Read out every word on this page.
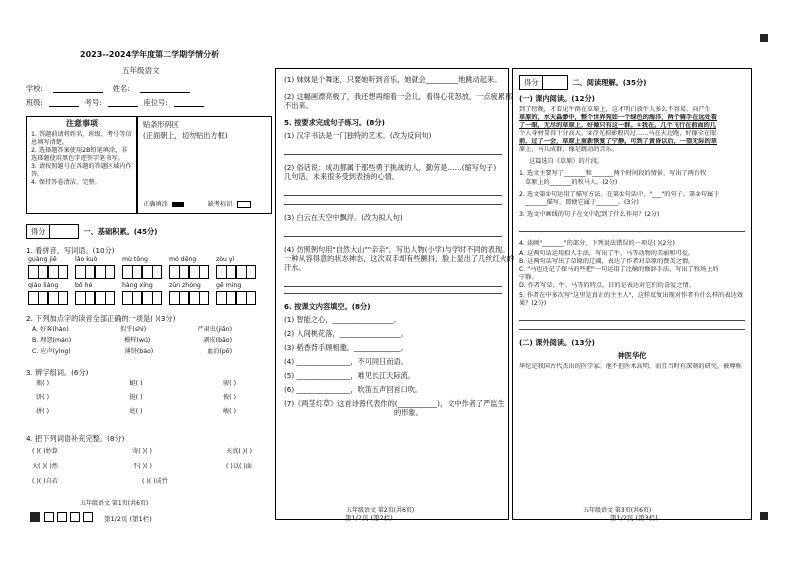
2023--2024学年度第二学期学情分析
五年级语文
学校:	姓名:
班级:	考号:	座位号:
注意事项
1. 答题前请将姓名、班级、考号等信息填写清楚。
2. 选择题答案使用2B铅笔填涂，非选择题使用黑色字迹签字笔书写。
3. 请按照题号在各题的答题区域内作答。
4. 保持答卷清洁、完整。
贴条形码区
(正面朝上，切勿贴出方框)
正确填涂	缺考标识
得分	一、基础积累。(45分)
1. 看拼音，写词语。(10分)
guàng jiē	lǎo kuò	mù tǒng	mó dēng	zòu yì
qiáo liáng	bō hé	hàng xíng	zūn zhòng	gē mìng
2. 下列加点字的读音全部正确的一项是( )(3分)
A. 好客(hào)	似乎(shì)	严肃虫(jiǎn)
B. 埋怨(mán)	模样(wú)	剥皮(bāo)
C. 应声(yìng)	薄饼(báo)	血泊(pō)
3. 辨字组词。(6分)
瓶( )	蜓( )	骏( )
饼( )	挺( )	俊( )
拼( )	庭( )	峻( )
4. 把下列词语补充完整。(8分)
( )( )妙算	寄( )( )	天真( )( )
大( )( )然	不( )( )	( )以( )面
( )( )自若	( )( )成竹
五年级语文 第1页(共6页)
第1/2页 (第1栏)
(1) 妹妹是个舞迷，只要她听到音乐，她就会_________地跳动起来。
(2) 这幅画漂亮极了，我还想再细看一会儿，看得心花怒放，一点疲累都
不出来。
5. 按要求完成句子练习。(8分)
(1) 汉字书法是一门独特的艺术。(改为反问句)
(2) 俗话说：成功都属于那些勇于挑战的人，勤劳是……(缩写句子)
几句话，未来很多受到表扬的心情。
(3) 白云在天空中飘浮。(改为拟人句)
(4) 仿照例句用"自然大山""亲亲"，写出人物(小学)与学时不同的表现。
一种从容得意的状态神态，这次双手却有些颤抖，脸上显出了几丝红火的
汗水。
6. 按课文内容填空。(8分)
(1) 智能之心，_________________。
(2) 人间桃花落，_________________。
(3) 稻香背手顾相邀，_____________。
(4) _______________，不可同日而语。
(5) _______________，难见长江天际流。
(6) _______________，吹笛五声回首口吹。
(7)《两茎灯草》这首诗曾代表作的(___________)，文中作者了严监生
的形象。
五年级语文 第2页(共6页)
第1/2页 (第2栏)
得分	二、阅读理解。(35分)
(一) 课内阅读。(12分)
到了傍晚，才看见牛群在草原上，这才明白放牛人多么不容易。向产生
草原的，水天淼渺中，整个世界宛如一个绿色的海洋，两个骑手在远处看
了一眼，无尽的草原上，好像只有这一群。①我在。几个飞行在前面的几
个人身材显得十分高大。②浮光掠影般闪过……马在天边跑，好像全在眼
前，过了一会，草原上重新恢复了宁静。可到了黄昏以后，一望无际的草
原上，马儿成群，像是跳动的音乐。
这篇选自《草原》的片段。
1. 选文主要写了_______和_______两个时间段的情景，写出了两台牧
草原上的_______的牧马人。(2分)
2. 选文第①句运用了描写方法。在第①句话中，"___"的句子，第②句属于
_______描写，即便它属于_______。(3分)
3. 选文中画线的句子在文中起到了什么作用？(2分)
4. 读画"_______"的部分，下列说法错误的一项是( )(2分)
A. 这两句话运用拟人手法，写出了牛、马等动物的美丽和可爱。
B. 这两句话写出了草原的辽阔，表达了作者对草原的赞美之情。
C. "马也还记了保马的些把"一句运用了比喻的修辞手法，写出了牧场上的
宁静。
D. 作者写草、牛、马等的特点，目的是表达对它们的喜爱之情。
5. 作者在中多次写"这里是真正的主主人"，这样反复出现对作者有什么样的表达效果？(2分)
(二) 课外阅读。(13分)
神医华佗
华佗是我国古代杰出的医学家。他不但医术高明，而且当时有深刻的研究，被尊称
五年级语文 第3页(共6页)
第1/2页 (第3栏)
